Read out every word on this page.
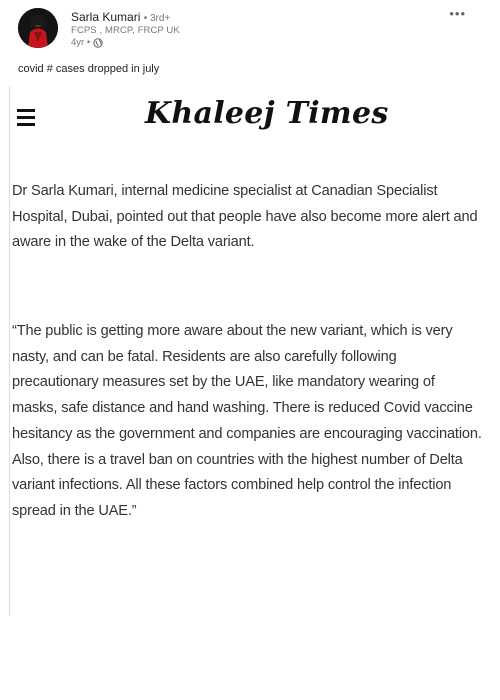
Sarla Kumari • 3rd+
FCPS , MRCP, FRCP UK
4yr •
•••
covid # cases dropped in july
Khaleej Times
Dr Sarla Kumari, internal medicine specialist at Canadian Specialist Hospital, Dubai, pointed out that people have also become more alert and aware in the wake of the Delta variant.
“The public is getting more aware about the new variant, which is very nasty, and can be fatal. Residents are also carefully following precautionary measures set by the UAE, like mandatory wearing of masks, safe distance and hand washing. There is reduced Covid vaccine hesitancy as the government and companies are encouraging vaccination. Also, there is a travel ban on countries with the highest number of Delta variant infections. All these factors combined help control the infection spread in the UAE.”
